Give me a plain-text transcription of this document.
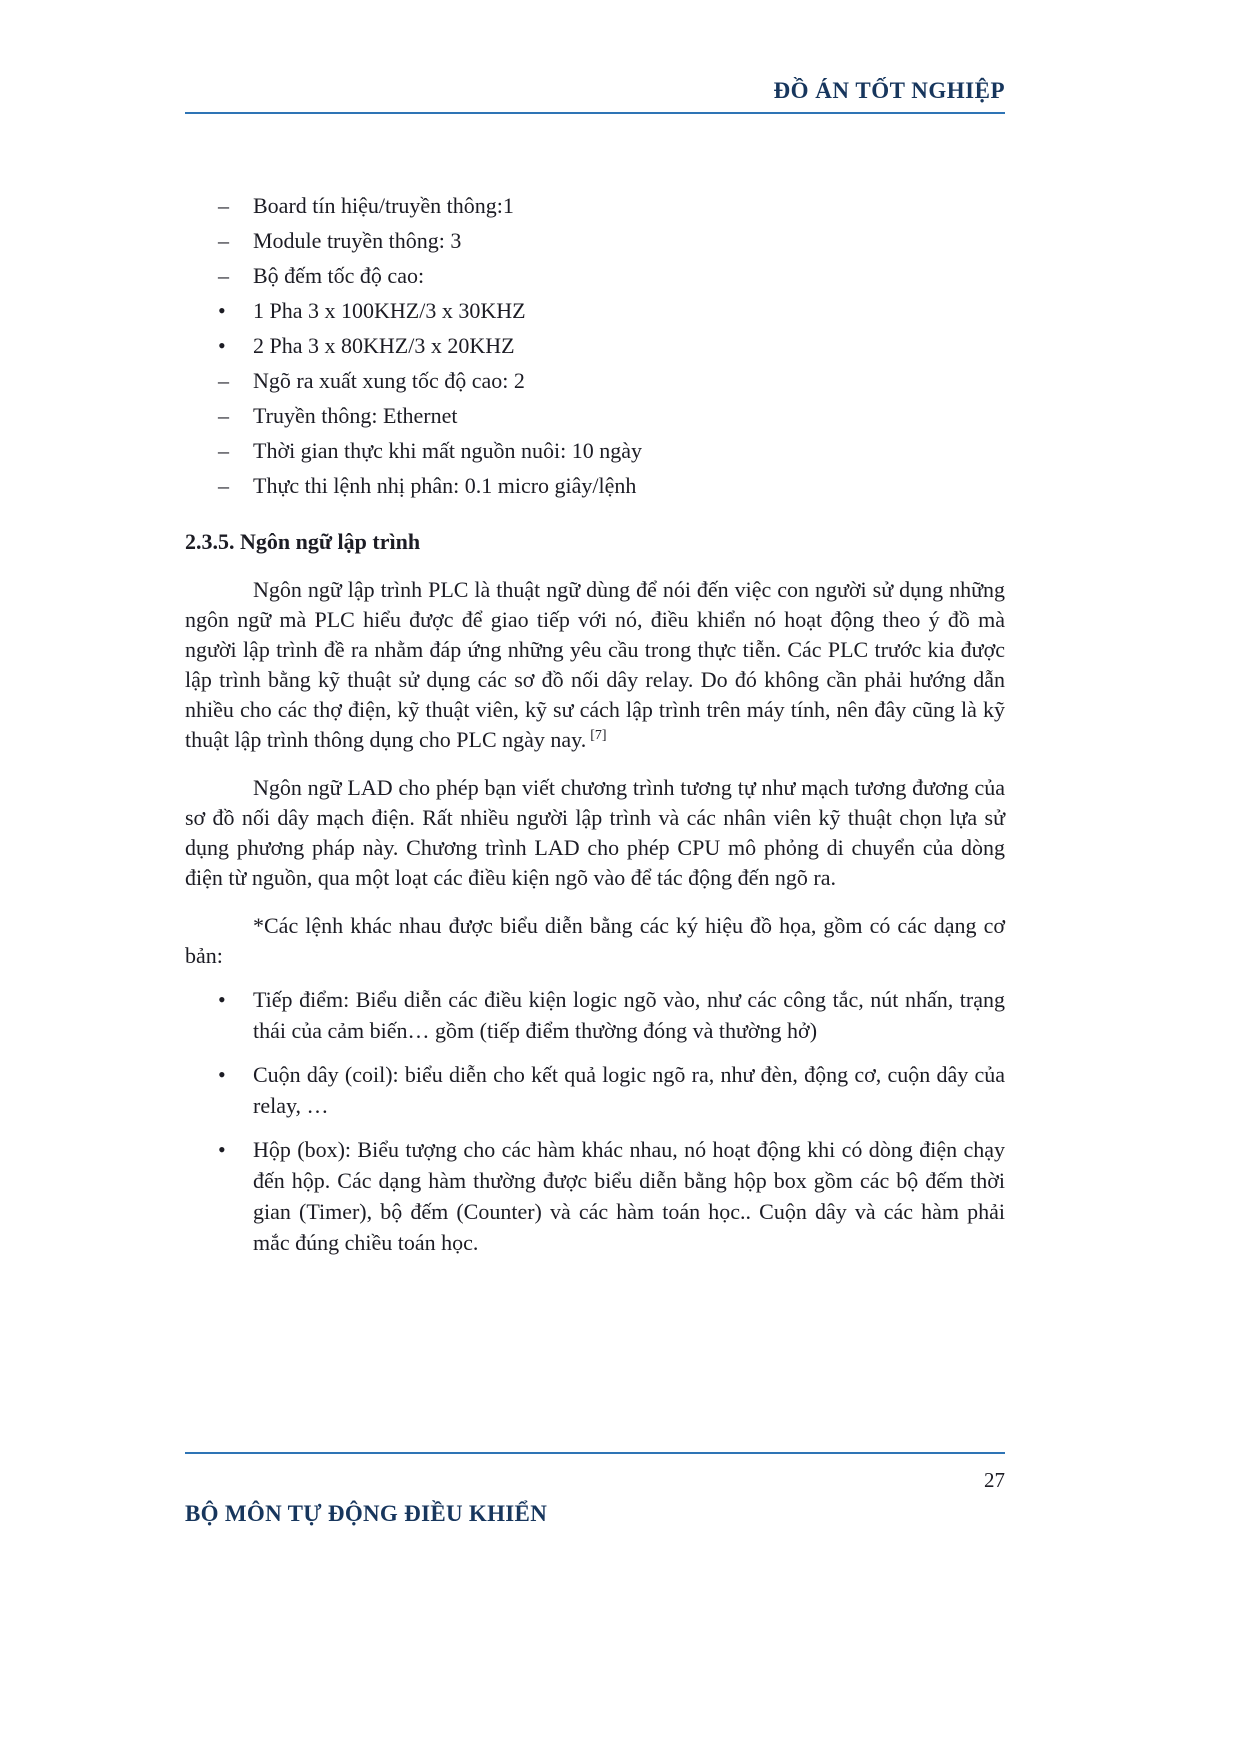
ĐỒ ÁN TỐT NGHIỆP
–	Board tín hiệu/truyền thông:1
–	Module truyền thông: 3
–	Bộ đếm tốc độ cao:
•	1 Pha 3 x 100KHZ/3 x 30KHZ
•	2 Pha 3 x 80KHZ/3 x 20KHZ
–	Ngõ ra xuất xung tốc độ cao: 2
–	Truyền thông: Ethernet
–	Thời gian thực khi mất nguồn nuôi: 10 ngày
–	Thực thi lệnh nhị phân: 0.1 micro giây/lệnh
2.3.5. Ngôn ngữ lập trình

Ngôn ngữ lập trình PLC là thuật ngữ dùng để nói đến việc con người sử dụng những ngôn ngữ mà PLC hiểu được để giao tiếp với nó, điều khiển nó hoạt động theo ý đồ mà người lập trình đề ra nhằm đáp ứng những yêu cầu trong thực tiễn. Các PLC trước kia được lập trình bằng kỹ thuật sử dụng các sơ đồ nối dây relay. Do đó không cần phải hướng dẫn nhiều cho các thợ điện, kỹ thuật viên, kỹ sư cách lập trình trên máy tính, nên đây cũng là kỹ thuật lập trình thông dụng cho PLC ngày nay. [7]

Ngôn ngữ LAD cho phép bạn viết chương trình tương tự như mạch tương đương của sơ đồ nối dây mạch điện. Rất nhiều người lập trình và các nhân viên kỹ thuật chọn lựa sử dụng phương pháp này. Chương trình LAD cho phép CPU mô phỏng di chuyển của dòng điện từ nguồn, qua một loạt các điều kiện ngõ vào để tác động đến ngõ ra.

*Các lệnh khác nhau được biểu diễn bằng các ký hiệu đồ họa, gồm có các dạng cơ bản:

• Tiếp điểm: Biểu diễn các điều kiện logic ngõ vào, như các công tắc, nút nhấn, trạng thái của cảm biến… gồm (tiếp điểm thường đóng và thường hở)
• Cuộn dây (coil): biểu diễn cho kết quả logic ngõ ra, như đèn, động cơ, cuộn dây của relay, …
• Hộp (box): Biểu tượng cho các hàm khác nhau, nó hoạt động khi có dòng điện chạy đến hộp. Các dạng hàm thường được biểu diễn bằng hộp box gồm các bộ đếm thời gian (Timer), bộ đếm (Counter) và các hàm toán học.. Cuộn dây và các hàm phải mắc đúng chiều toán học.
27
BỘ MÔN TỰ ĐỘNG ĐIỀU KHIỂN
